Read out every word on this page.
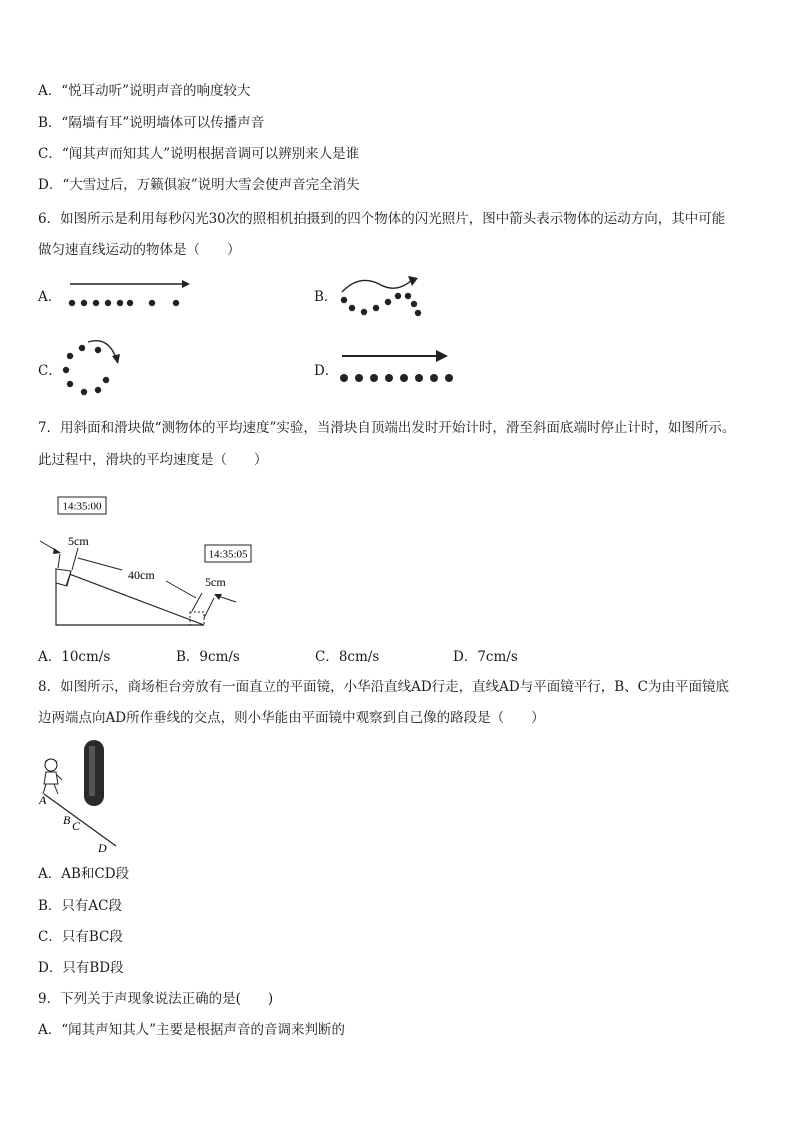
A．“悦耳动听”说明声音的响度较大
B．“隔墙有耳”说明墙体可以传播声音
C．“闻其声而知其人”说明根据音调可以辨别来人是谁
D．“大雪过后，万籁俱寂”说明大雪会使声音完全消失
6．如图所示是利用每秒闪光30次的照相机拍摄到的四个物体的闪光照片，图中箭头表示物体的运动方向，其中可能
做匀速直线运动的物体是（　　）
A．	B．
C．	D．
7．用斜面和滑块做“测物体的平均速度”实验，当滑块自顶端出发时开始计时，滑至斜面底端时停止计时，如图所示。
此过程中，滑块的平均速度是（　　）
14:35:00
14:35:05
5cm
40cm	5cm
A．10cm/s	B．9cm/s	C．8cm/s	D．7cm/s
8．如图所示，商场柜台旁放有一面直立的平面镜，小华沿直线AD行走，直线AD与平面镜平行，B、C为由平面镜底
边两端点向AD所作垂线的交点，则小华能由平面镜中观察到自己像的路段是（　　）
A
B C
D
A．AB和CD段
B．只有AC段
C．只有BC段
D．只有BD段
9．下列关于声现象说法正确的是(　　)
A．“闻其声知其人”主要是根据声音的音调来判断的
